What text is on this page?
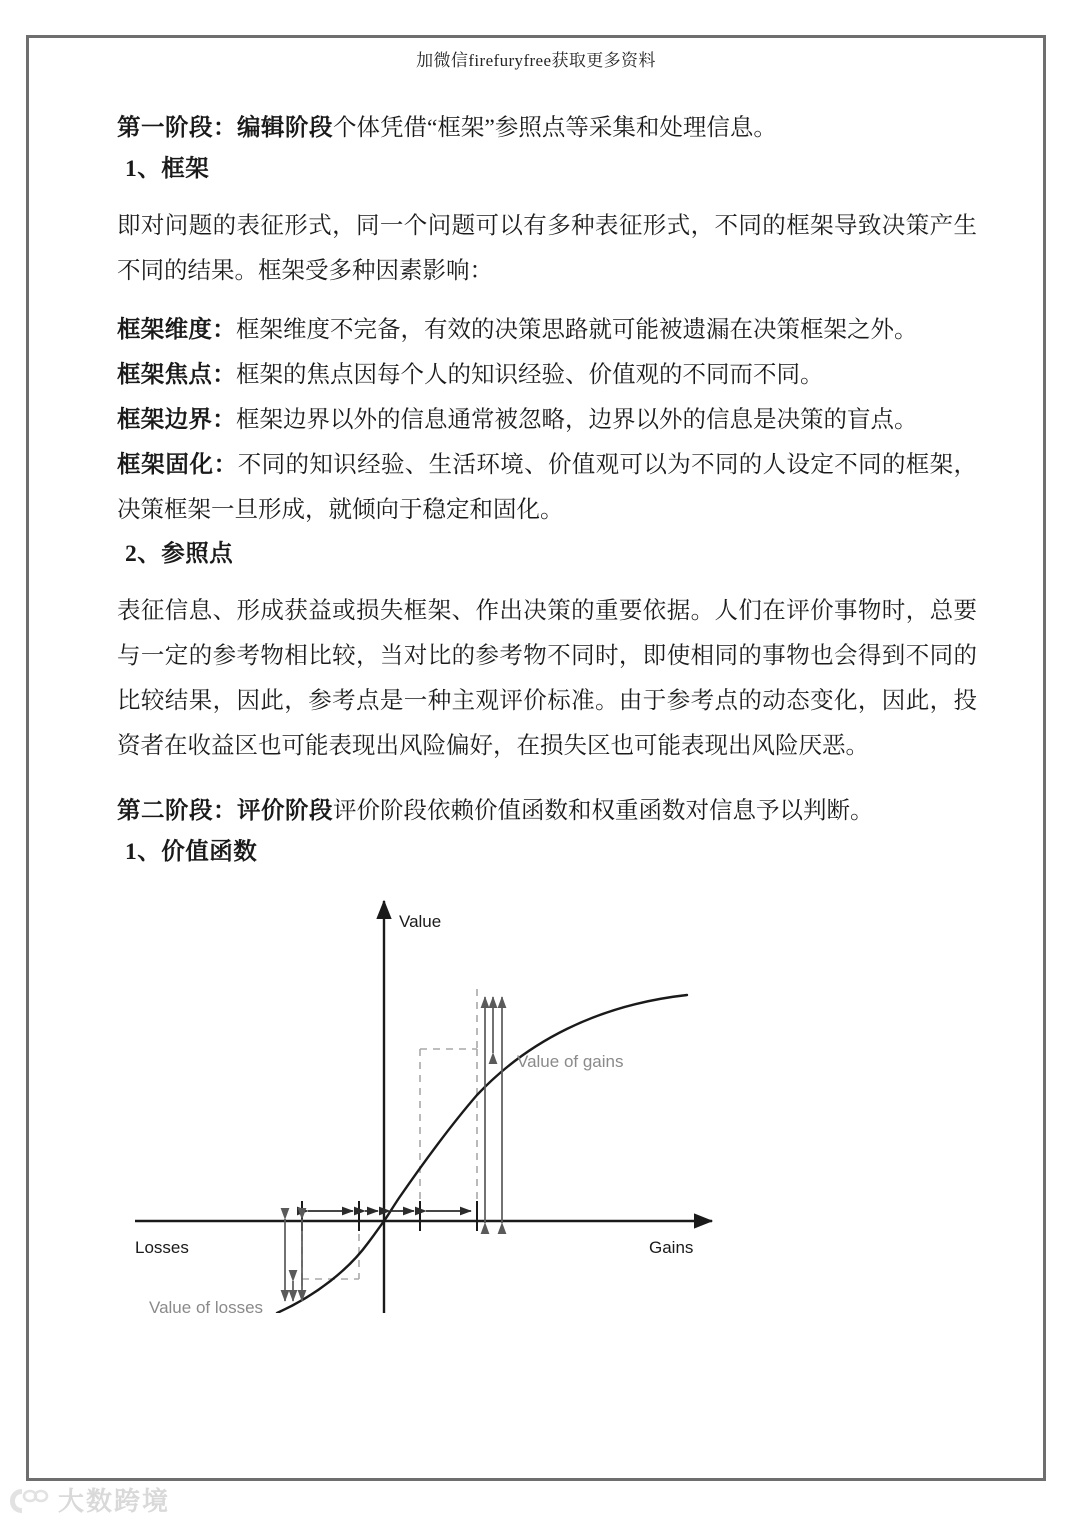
加微信firefuryfree获取更多资料

第一阶段：编辑阶段个体凭借“框架”参照点等采集和处理信息。

1、框架

即对问题的表征形式，同一个问题可以有多种表征形式，不同的框架导致决策产生不同的结果。框架受多种因素影响：

框架维度：框架维度不完备，有效的决策思路就可能被遗漏在决策框架之外。

框架焦点：框架的焦点因每个人的知识经验、价值观的不同而不同。

框架边界：框架边界以外的信息通常被忽略，边界以外的信息是决策的盲点。

框架固化：不同的知识经验、生活环境、价值观可以为不同的人设定不同的框架，决策框架一旦形成，就倾向于稳定和固化。

2、参照点

表征信息、形成获益或损失框架、作出决策的重要依据。人们在评价事物时，总要与一定的参考物相比较，当对比的参考物不同时，即使相同的事物也会得到不同的比较结果，因此，参考点是一种主观评价标准。由于参考点的动态变化，因此，投资者在收益区也可能表现出风险偏好，在损失区也可能表现出风险厌恶。

第二阶段：评价阶段评价阶段依赖价值函数和权重函数对信息予以判断。

1、价值函数

Value
Losses	Gains
Value of gains
Value of losses
大数跨境
